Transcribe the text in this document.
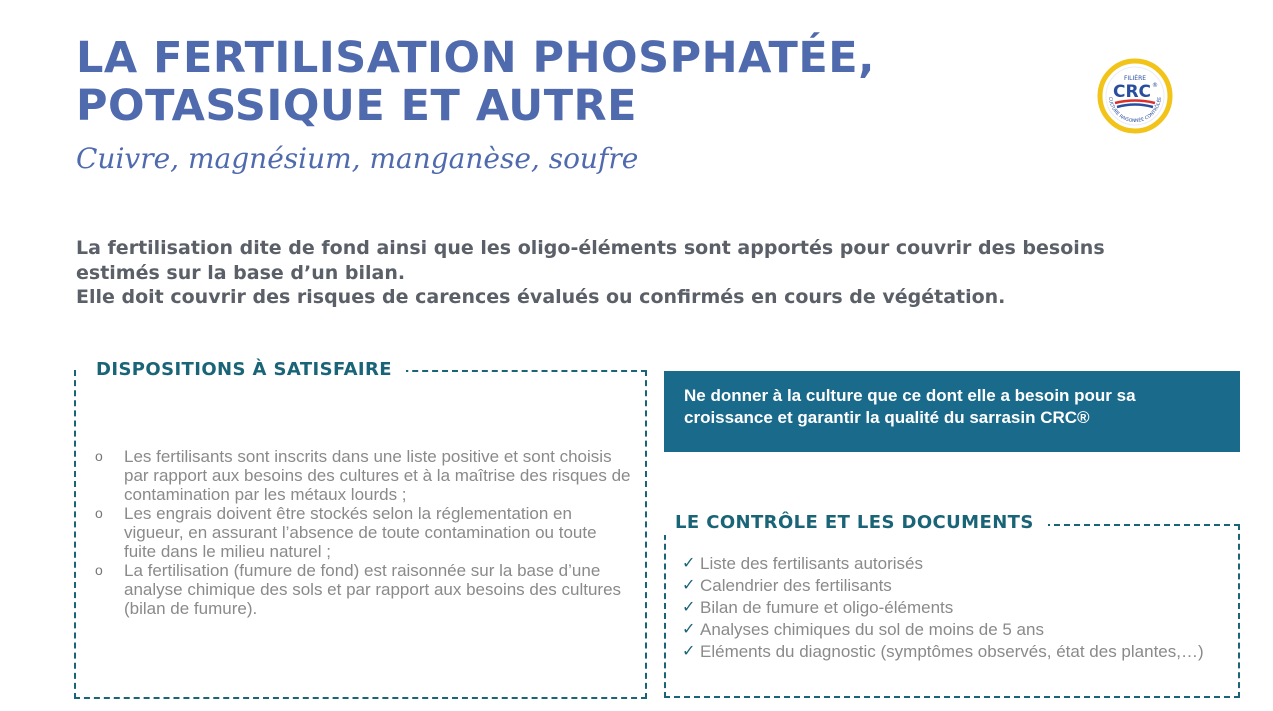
LA FERTILISATION PHOSPHATÉE,
POTASSIQUE ET AUTRE
Cuivre, magnésium, manganèse, soufre
FILIÈRE
CRC ®
CULTURE RAISONNÉE CONTRÔLÉE

La fertilisation dite de fond ainsi que les oligo-éléments sont apportés pour couvrir des besoins
estimés sur la base d’un bilan.
Elle doit couvrir des risques de carences évalués ou confirmés en cours de végétation.

DISPOSITIONS À SATISFAIRE
o Les fertilisants sont inscrits dans une liste positive et sont choisis par rapport aux besoins des cultures et à la maîtrise des risques de contamination par les métaux lourds ;
o Les engrais doivent être stockés selon la réglementation en vigueur, en assurant l’absence de toute contamination ou toute fuite dans le milieu naturel ;
o La fertilisation (fumure de fond) est raisonnée sur la base d’une analyse chimique des sols et par rapport aux besoins des cultures (bilan de fumure).
Ne donner à la culture que ce dont elle a besoin pour sa croissance et garantir la qualité du sarrasin CRC®
LE CONTRÔLE ET LES DOCUMENTS
✓ Liste des fertilisants autorisés
✓ Calendrier des fertilisants
✓ Bilan de fumure et oligo-éléments
✓ Analyses chimiques du sol de moins de 5 ans
✓ Eléments du diagnostic (symptômes observés, état des plantes,…)
